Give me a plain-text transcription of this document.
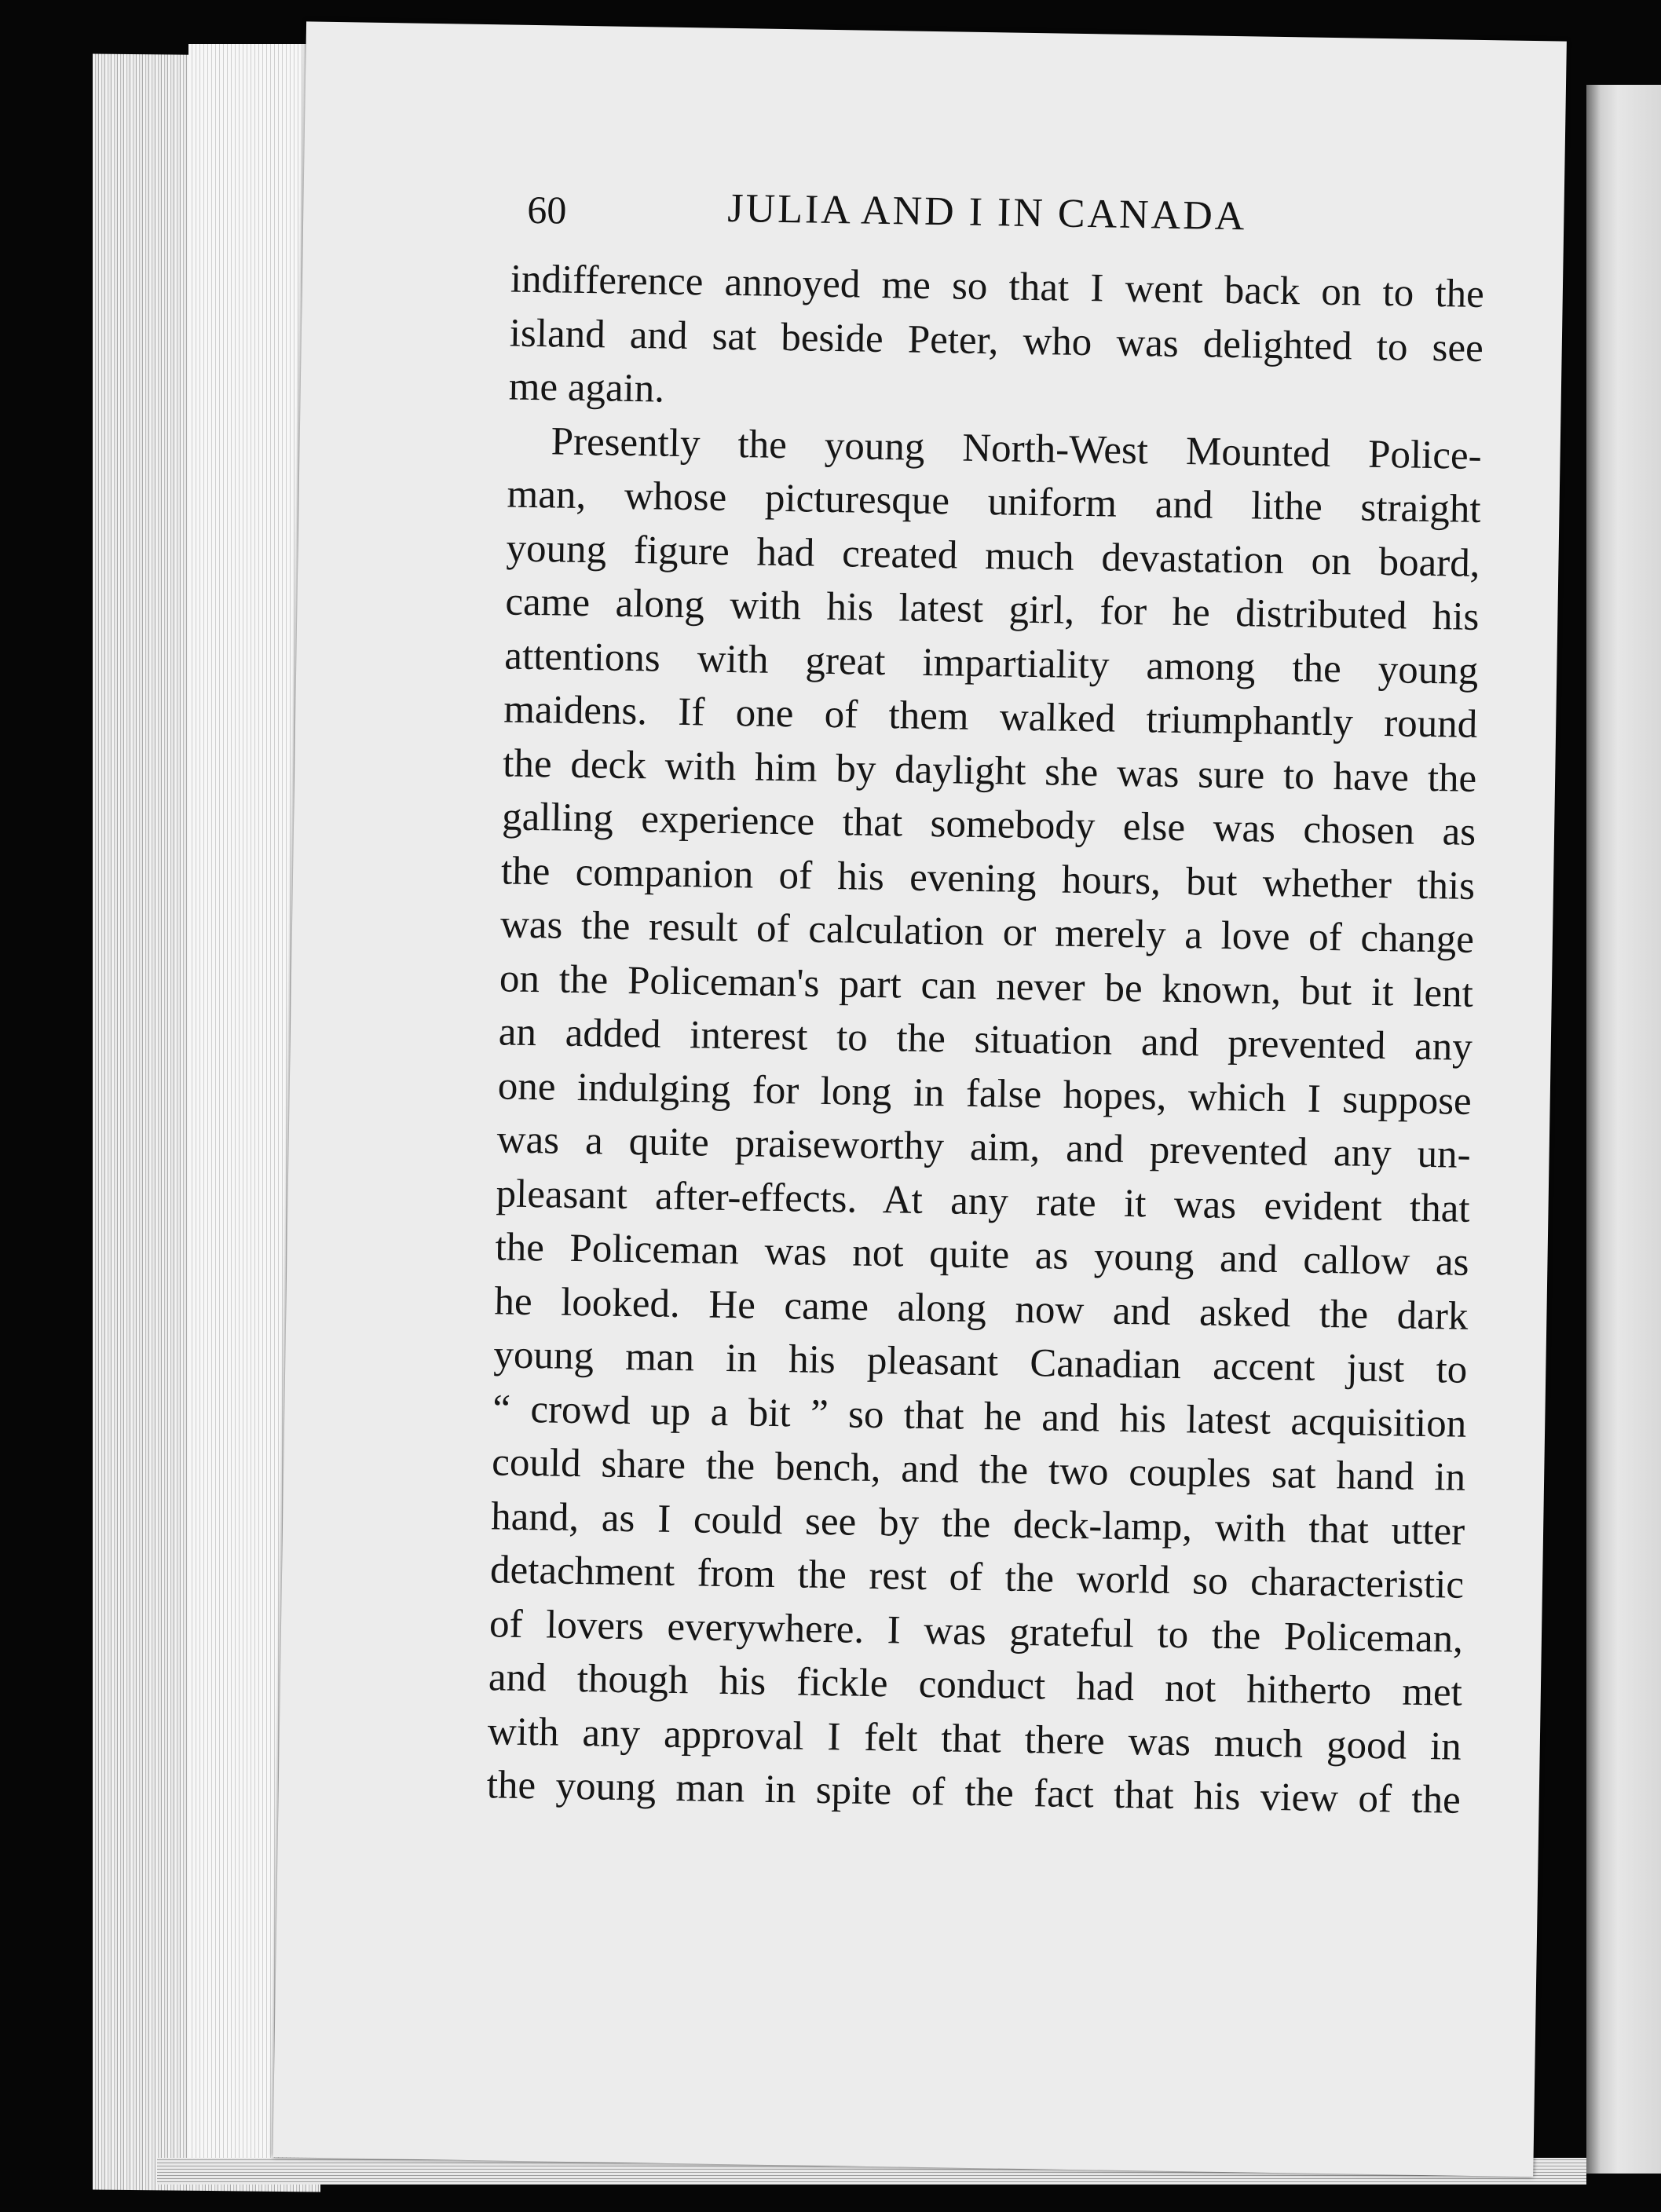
60	JULIA AND I IN CANADA
indifference annoyed me so that I went back on to the
island and sat beside Peter, who was delighted to see
me again.
Presently the young North-West Mounted Police-
man, whose picturesque uniform and lithe straight
young figure had created much devastation on board,
came along with his latest girl, for he distributed his
attentions with great impartiality among the young
maidens. If one of them walked triumphantly round
the deck with him by daylight she was sure to have the
galling experience that somebody else was chosen as
the companion of his evening hours, but whether this
was the result of calculation or merely a love of change
on the Policeman's part can never be known, but it lent
an added interest to the situation and prevented any
one indulging for long in false hopes, which I suppose
was a quite praiseworthy aim, and prevented any un-
pleasant after-effects. At any rate it was evident that
the Policeman was not quite as young and callow as
he looked. He came along now and asked the dark
young man in his pleasant Canadian accent just to
“ crowd up a bit ” so that he and his latest acquisition
could share the bench, and the two couples sat hand in
hand, as I could see by the deck-lamp, with that utter
detachment from the rest of the world so characteristic
of lovers everywhere. I was grateful to the Policeman,
and though his fickle conduct had not hitherto met
with any approval I felt that there was much good in
the young man in spite of the fact that his view of the
